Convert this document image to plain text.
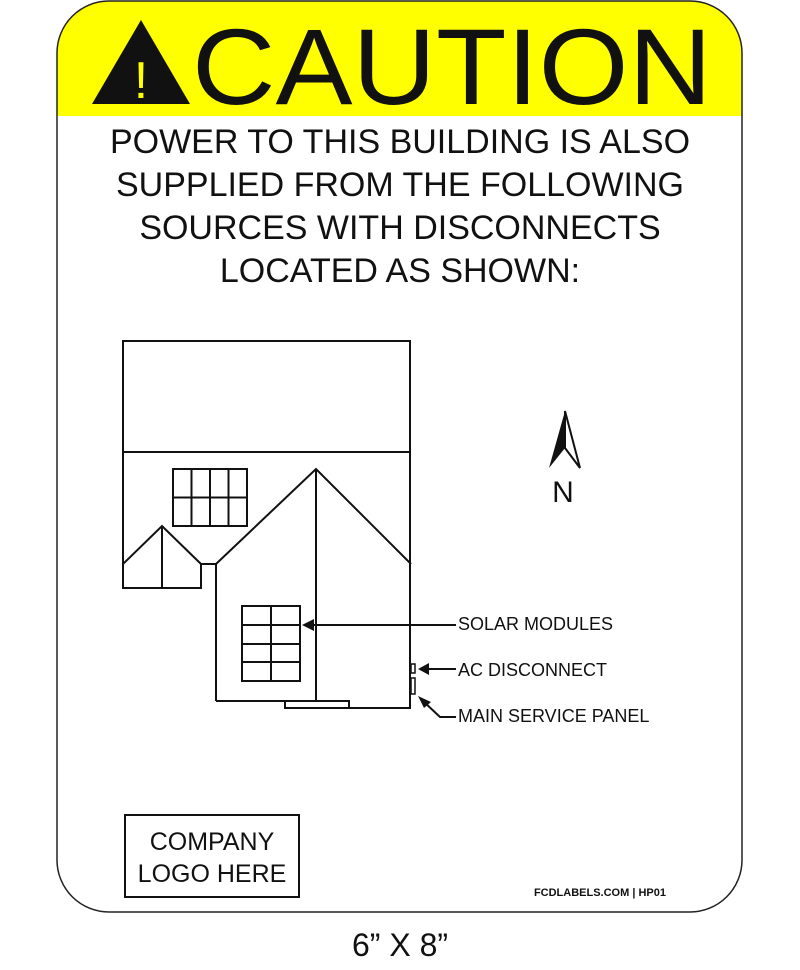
! CAUTION
POWER TO THIS BUILDING IS ALSO
SUPPLIED FROM THE FOLLOWING
SOURCES WITH DISCONNECTS
LOCATED AS SHOWN:
SOLAR MODULES
AC DISCONNECT
MAIN SERVICE PANEL
N
COMPANY
LOGO HERE
FCDLABELS.COM | HP01
6” X 8”
